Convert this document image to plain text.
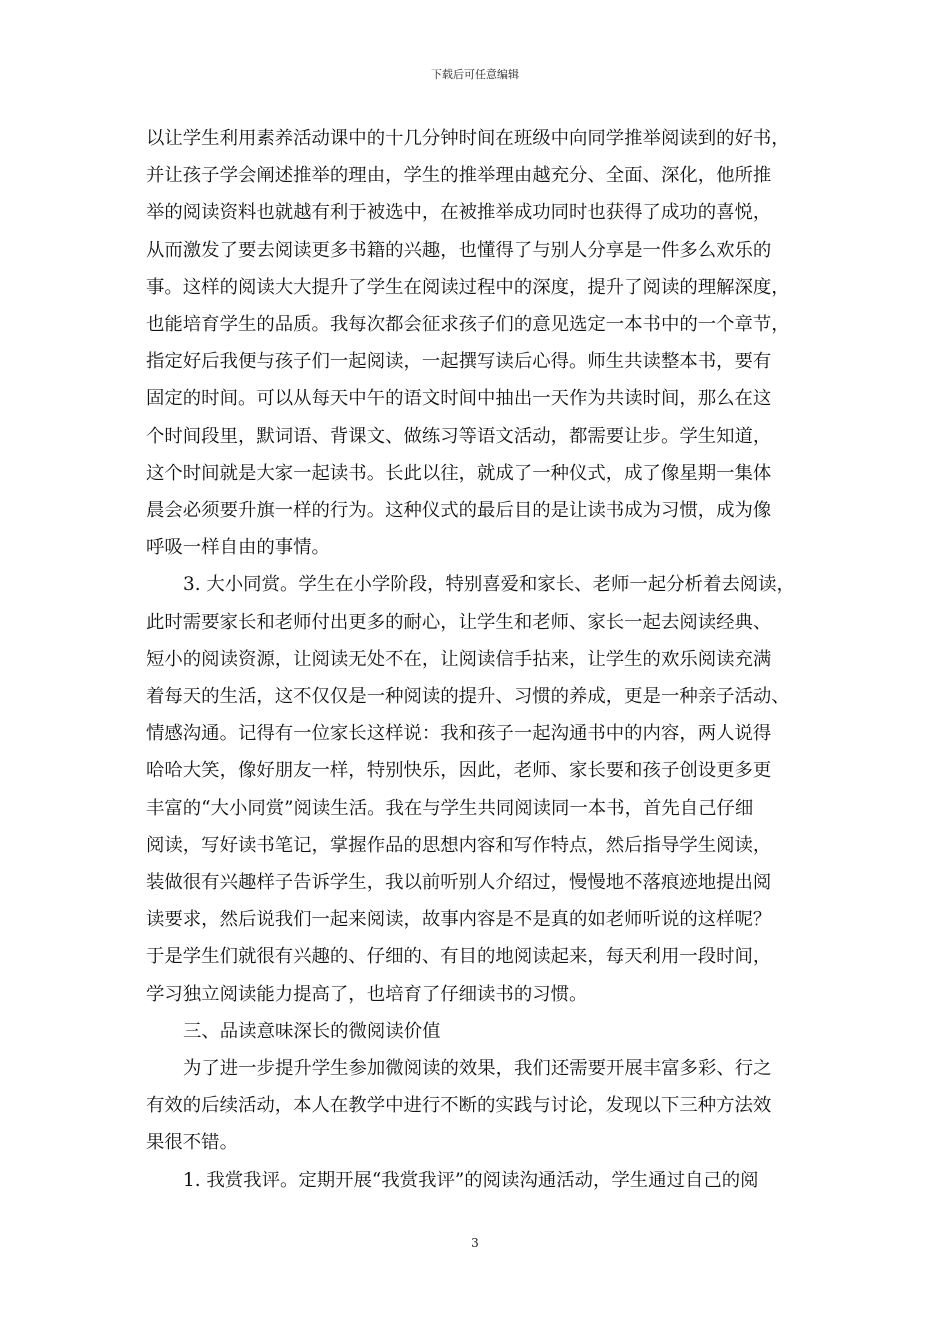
下载后可任意编辑
以让学生利用素养活动课中的十几分钟时间在班级中向同学推举阅读到的好书，
并让孩子学会阐述推举的理由，学生的推举理由越充分、全面、深化，他所推
举的阅读资料也就越有利于被选中，在被推举成功同时也获得了成功的喜悦，
从而激发了要去阅读更多书籍的兴趣，也懂得了与别人分享是一件多么欢乐的
事。这样的阅读大大提升了学生在阅读过程中的深度，提升了阅读的理解深度，
也能培育学生的品质。我每次都会征求孩子们的意见选定一本书中的一个章节，
指定好后我便与孩子们一起阅读，一起撰写读后心得。师生共读整本书，要有
固定的时间。可以从每天中午的语文时间中抽出一天作为共读时间，那么在这
个时间段里，默词语、背课文、做练习等语文活动，都需要让步。学生知道，
这个时间就是大家一起读书。长此以往，就成了一种仪式，成了像星期一集体
晨会必须要升旗一样的行为。这种仪式的最后目的是让读书成为习惯，成为像
呼吸一样自由的事情。
3. 大小同赏。学生在小学阶段，特别喜爱和家长、老师一起分析着去阅读，
此时需要家长和老师付出更多的耐心，让学生和老师、家长一起去阅读经典、
短小的阅读资源，让阅读无处不在，让阅读信手拈来，让学生的欢乐阅读充满
着每天的生活，这不仅仅是一种阅读的提升、习惯的养成，更是一种亲子活动、
情感沟通。记得有一位家长这样说：我和孩子一起沟通书中的内容，两人说得
哈哈大笑，像好朋友一样，特别快乐，因此，老师、家长要和孩子创设更多更
丰富的“大小同赏”阅读生活。我在与学生共同阅读同一本书，首先自己仔细
阅读，写好读书笔记，掌握作品的思想内容和写作特点，然后指导学生阅读，
装做很有兴趣样子告诉学生，我以前听别人介绍过，慢慢地不落痕迹地提出阅
读要求，然后说我们一起来阅读，故事内容是不是真的如老师听说的这样呢？
于是学生们就很有兴趣的、仔细的、有目的地阅读起来，每天利用一段时间，
学习独立阅读能力提高了，也培育了仔细读书的习惯。
三、品读意味深长的微阅读价值
为了进一步提升学生参加微阅读的效果，我们还需要开展丰富多彩、行之
有效的后续活动，本人在教学中进行不断的实践与讨论，发现以下三种方法效
果很不错。
1. 我赏我评。定期开展“我赏我评”的阅读沟通活动，学生通过自己的阅
3
